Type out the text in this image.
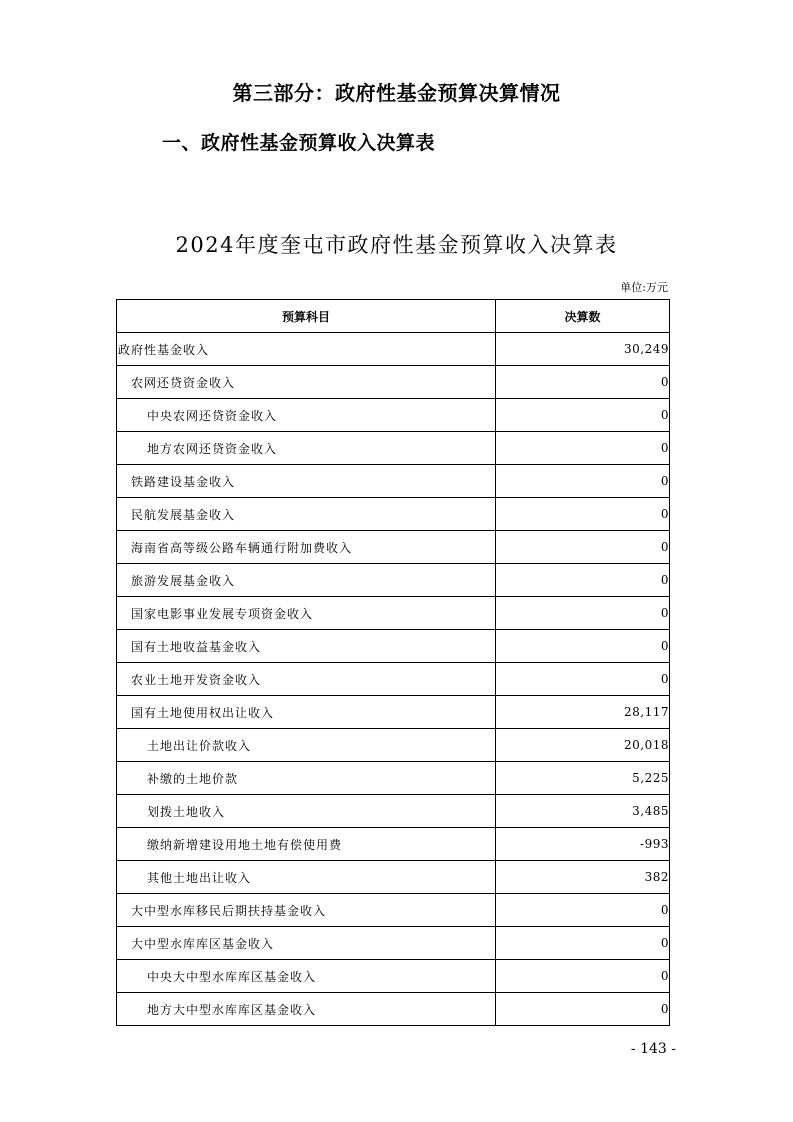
第三部分：政府性基金预算决算情况
一、政府性基金预算收入决算表
2024年度奎屯市政府性基金预算收入决算表
单位:万元
预算科目	决算数
政府性基金收入	30,249
农网还贷资金收入	0
中央农网还贷资金收入	0
地方农网还贷资金收入	0
铁路建设基金收入	0
民航发展基金收入	0
海南省高等级公路车辆通行附加费收入	0
旅游发展基金收入	0
国家电影事业发展专项资金收入	0
国有土地收益基金收入	0
农业土地开发资金收入	0
国有土地使用权出让收入	28,117
土地出让价款收入	20,018
补缴的土地价款	5,225
划拨土地收入	3,485
缴纳新增建设用地土地有偿使用费	-993
其他土地出让收入	382
大中型水库移民后期扶持基金收入	0
大中型水库库区基金收入	0
中央大中型水库库区基金收入	0
地方大中型水库库区基金收入	0
- 143 -
